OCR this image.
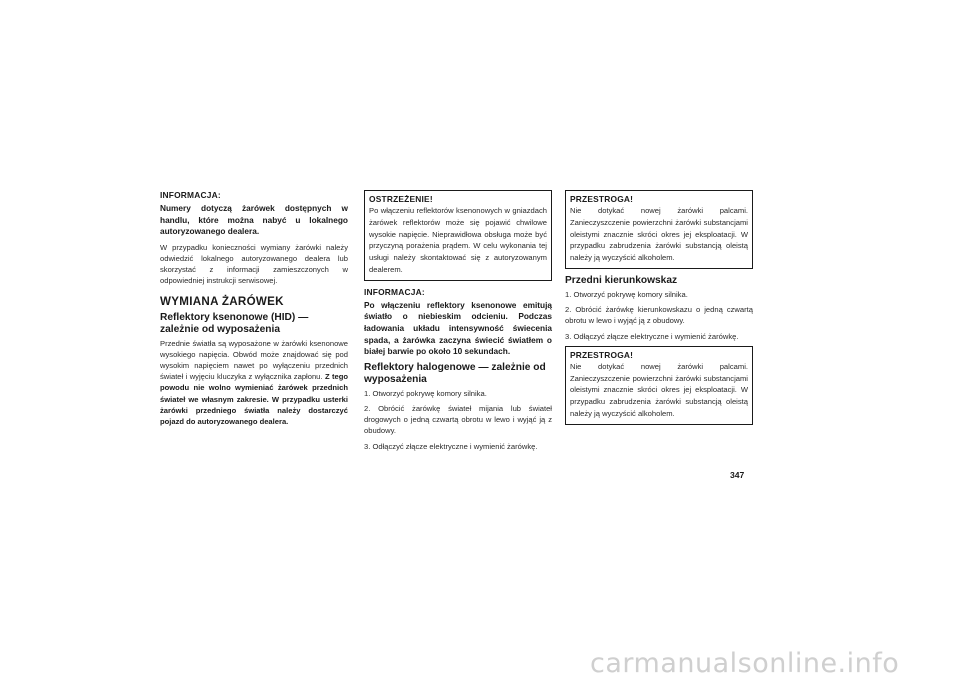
INFORMACJA:

Numery dotyczą żarówek dostępnych w handlu, które można nabyć u lokalnego autoryzowanego dealera.

W przypadku konieczności wymiany żarówki należy odwiedzić lokalnego autoryzowanego dealera lub skorzystać z informacji zamieszczonych w odpowiedniej instrukcji serwisowej.

WYMIANA ŻARÓWEK
Reflektory ksenonowe (HID) — zależnie od wyposażenia

Przednie światła są wyposażone w żarówki ksenonowe wysokiego napięcia. Obwód może znajdować się pod wysokim napięciem nawet po wyłączeniu przednich świateł i wyjęciu kluczyka z wyłącznika zapłonu. Z tego powodu nie wolno wymieniać żarówek przednich świateł we własnym zakresie. W przypadku usterki żarówki przedniego światła należy dostarczyć pojazd do autoryzowanego dealera.

OSTRZEŻENIE!

Po włączeniu reflektorów ksenonowych w gniazdach żarówek reflektorów może się pojawić chwilowe wysokie napięcie. Nieprawidłowa obsługa może być przyczyną porażenia prądem. W celu wykonania tej usługi należy skontaktować się z autoryzowanym dealerem.

INFORMACJA:

Po włączeniu reflektory ksenonowe emitują światło o niebieskim odcieniu. Podczas ładowania układu intensywność świecenia spada, a żarówka zaczyna świecić światłem o białej barwie po około 10 sekundach.

Reflektory halogenowe — zależnie od wyposażenia

1. Otworzyć pokrywę komory silnika.

2. Obrócić żarówkę świateł mijania lub świateł drogowych o jedną czwartą obrotu w lewo i wyjąć ją z obudowy.

3. Odłączyć złącze elektryczne i wymienić żarówkę.

PRZESTROGA!

Nie dotykać nowej żarówki palcami. Zanieczyszczenie powierzchni żarówki substancjami oleistymi znacznie skróci okres jej eksploatacji. W przypadku zabrudzenia żarówki substancją oleistą należy ją wyczyścić alkoholem.

Przedni kierunkowskaz

1. Otworzyć pokrywę komory silnika.

2. Obrócić żarówkę kierunkowskazu o jedną czwartą obrotu w lewo i wyjąć ją z obudowy.

3. Odłączyć złącze elektryczne i wymienić żarówkę.

PRZESTROGA!

Nie dotykać nowej żarówki palcami. Zanieczyszczenie powierzchni żarówki substancjami oleistymi znacznie skróci okres jej eksploatacji. W przypadku zabrudzenia żarówki substancją oleistą należy ją wyczyścić alkoholem.

347
carmanualsonline.info
